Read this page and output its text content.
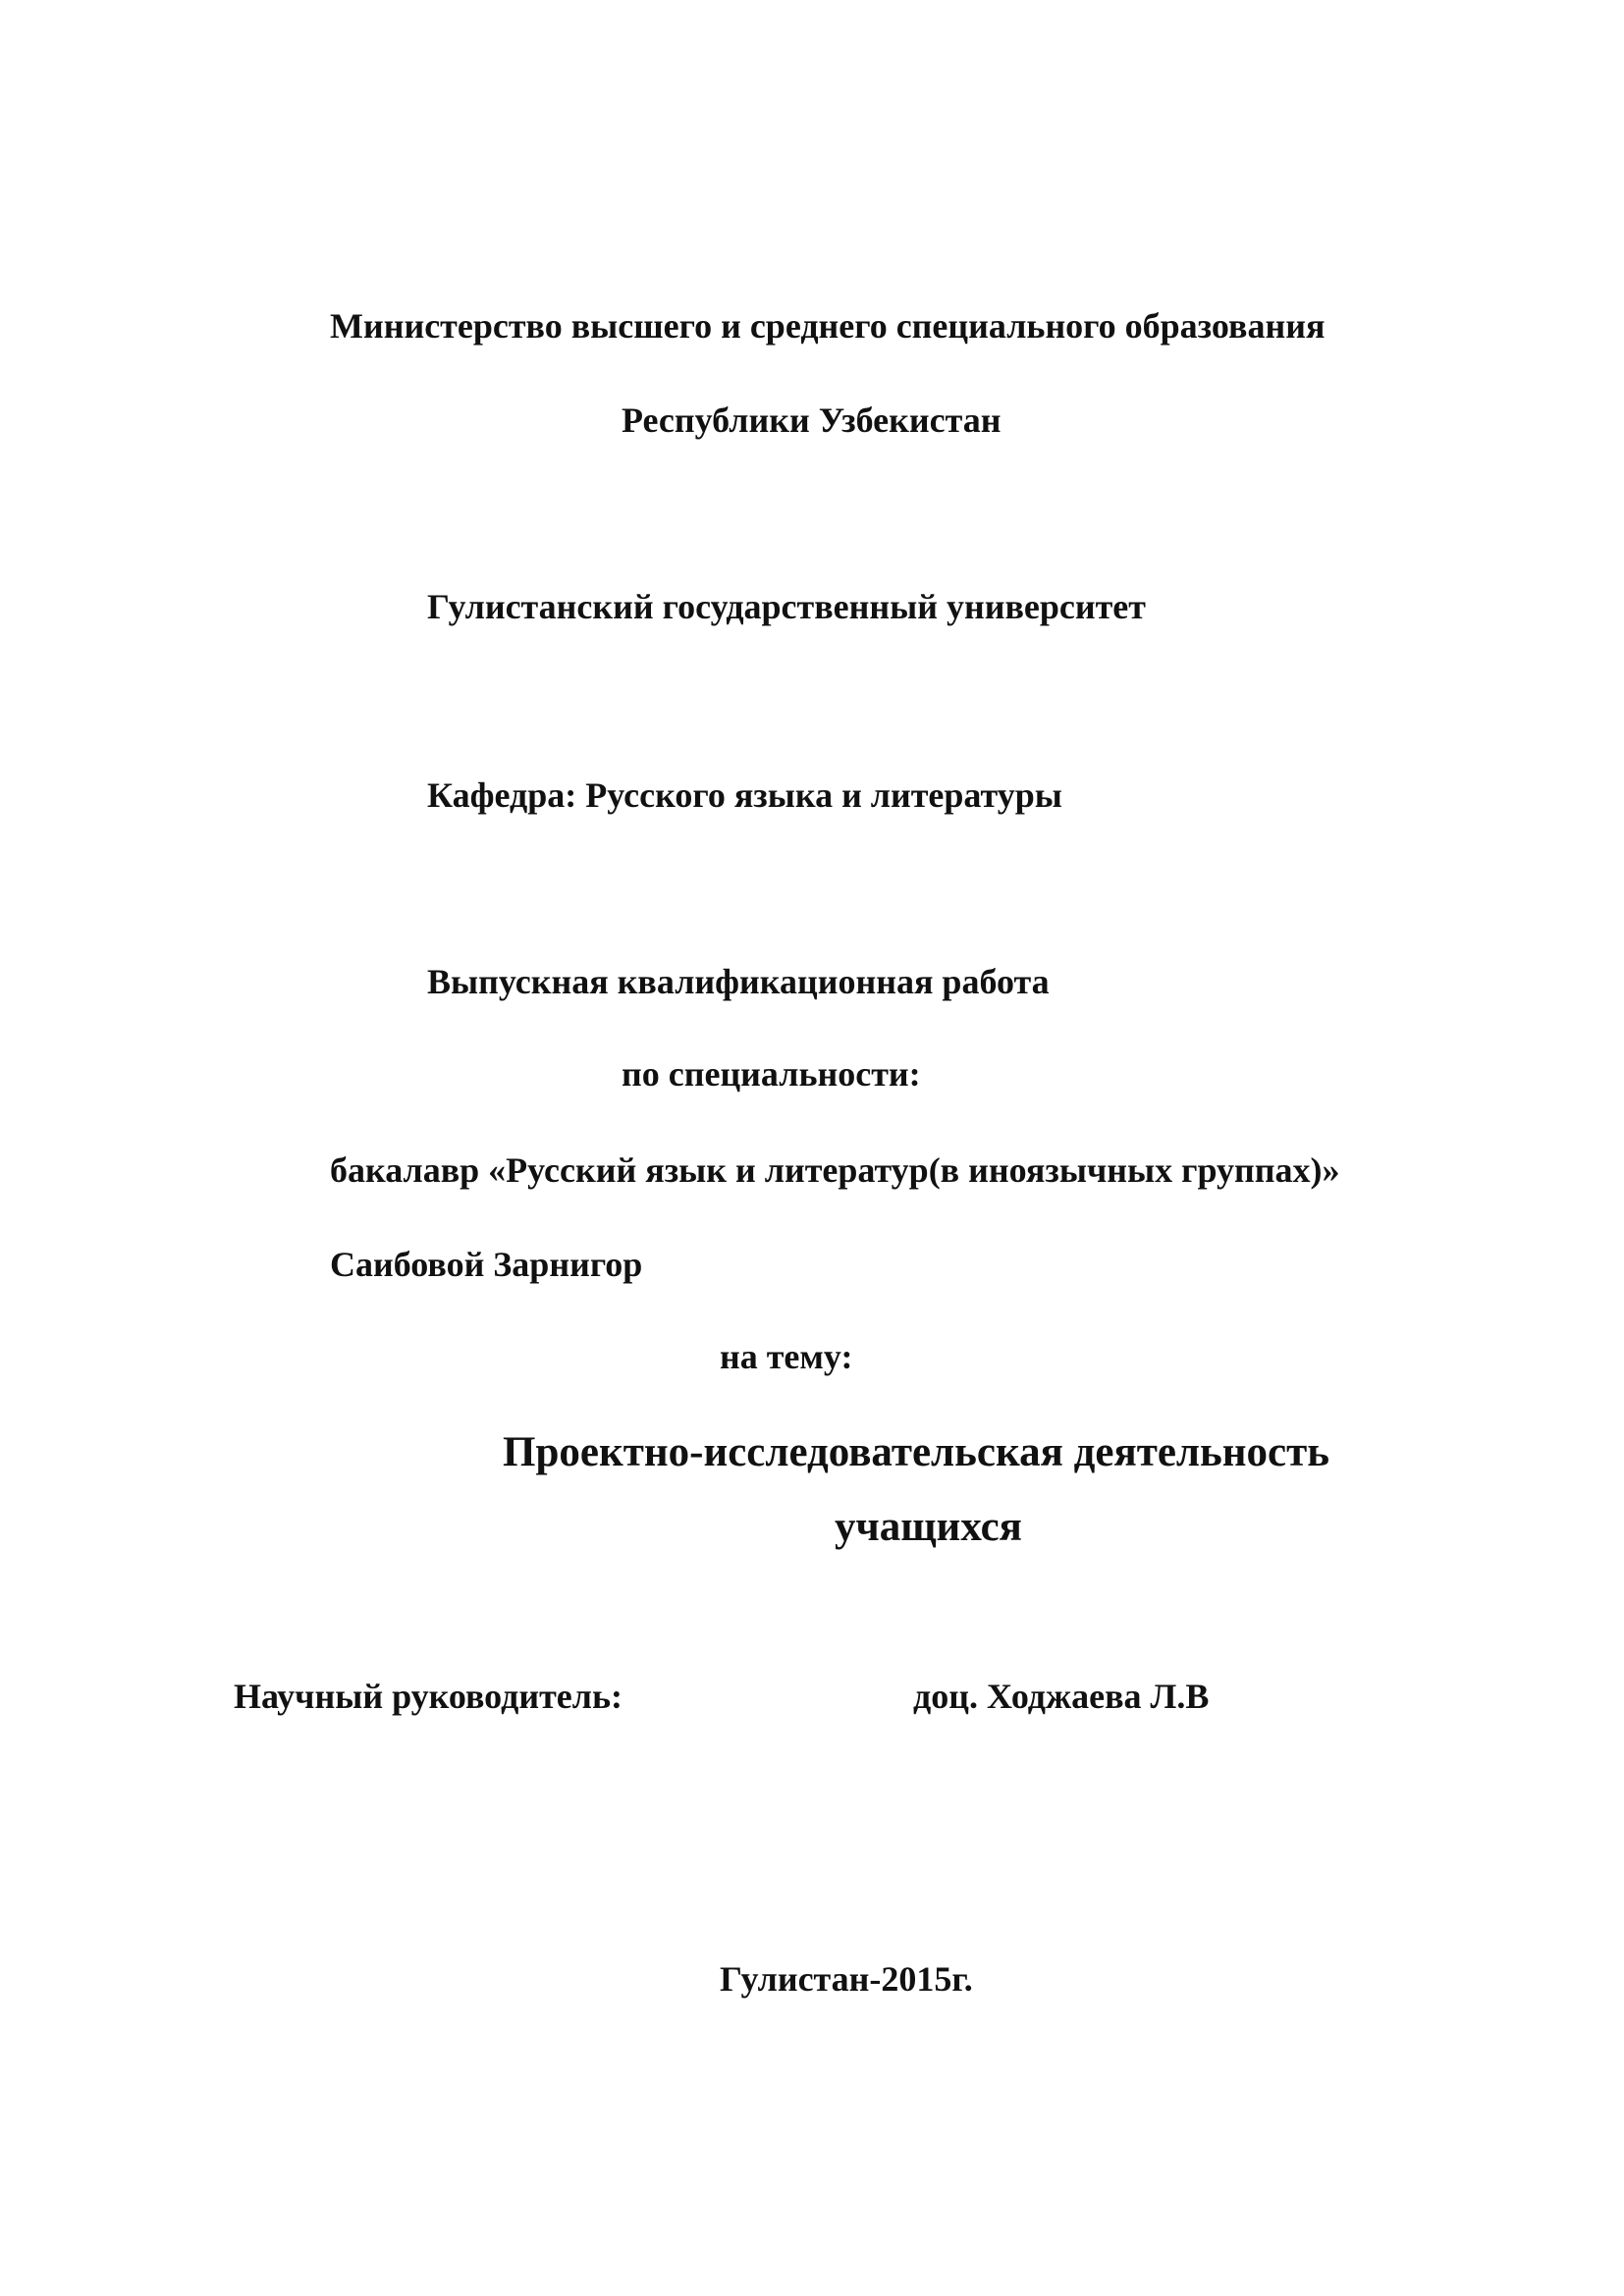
Министерство высшего и среднего специального образования

Республики Узбекистан

Гулистанский государственный университет

Кафедра: Русского языка и литературы

Выпускная квалификационная работа

по специальности:

бакалавр «Русский язык и литератур(в иноязычных группах)»

Саибовой Зарнигор

на тему:

Проектно-исследовательская деятельность

учащихся

Научный руководитель:	доц. Ходжаева Л.В

Гулистан-2015г.
